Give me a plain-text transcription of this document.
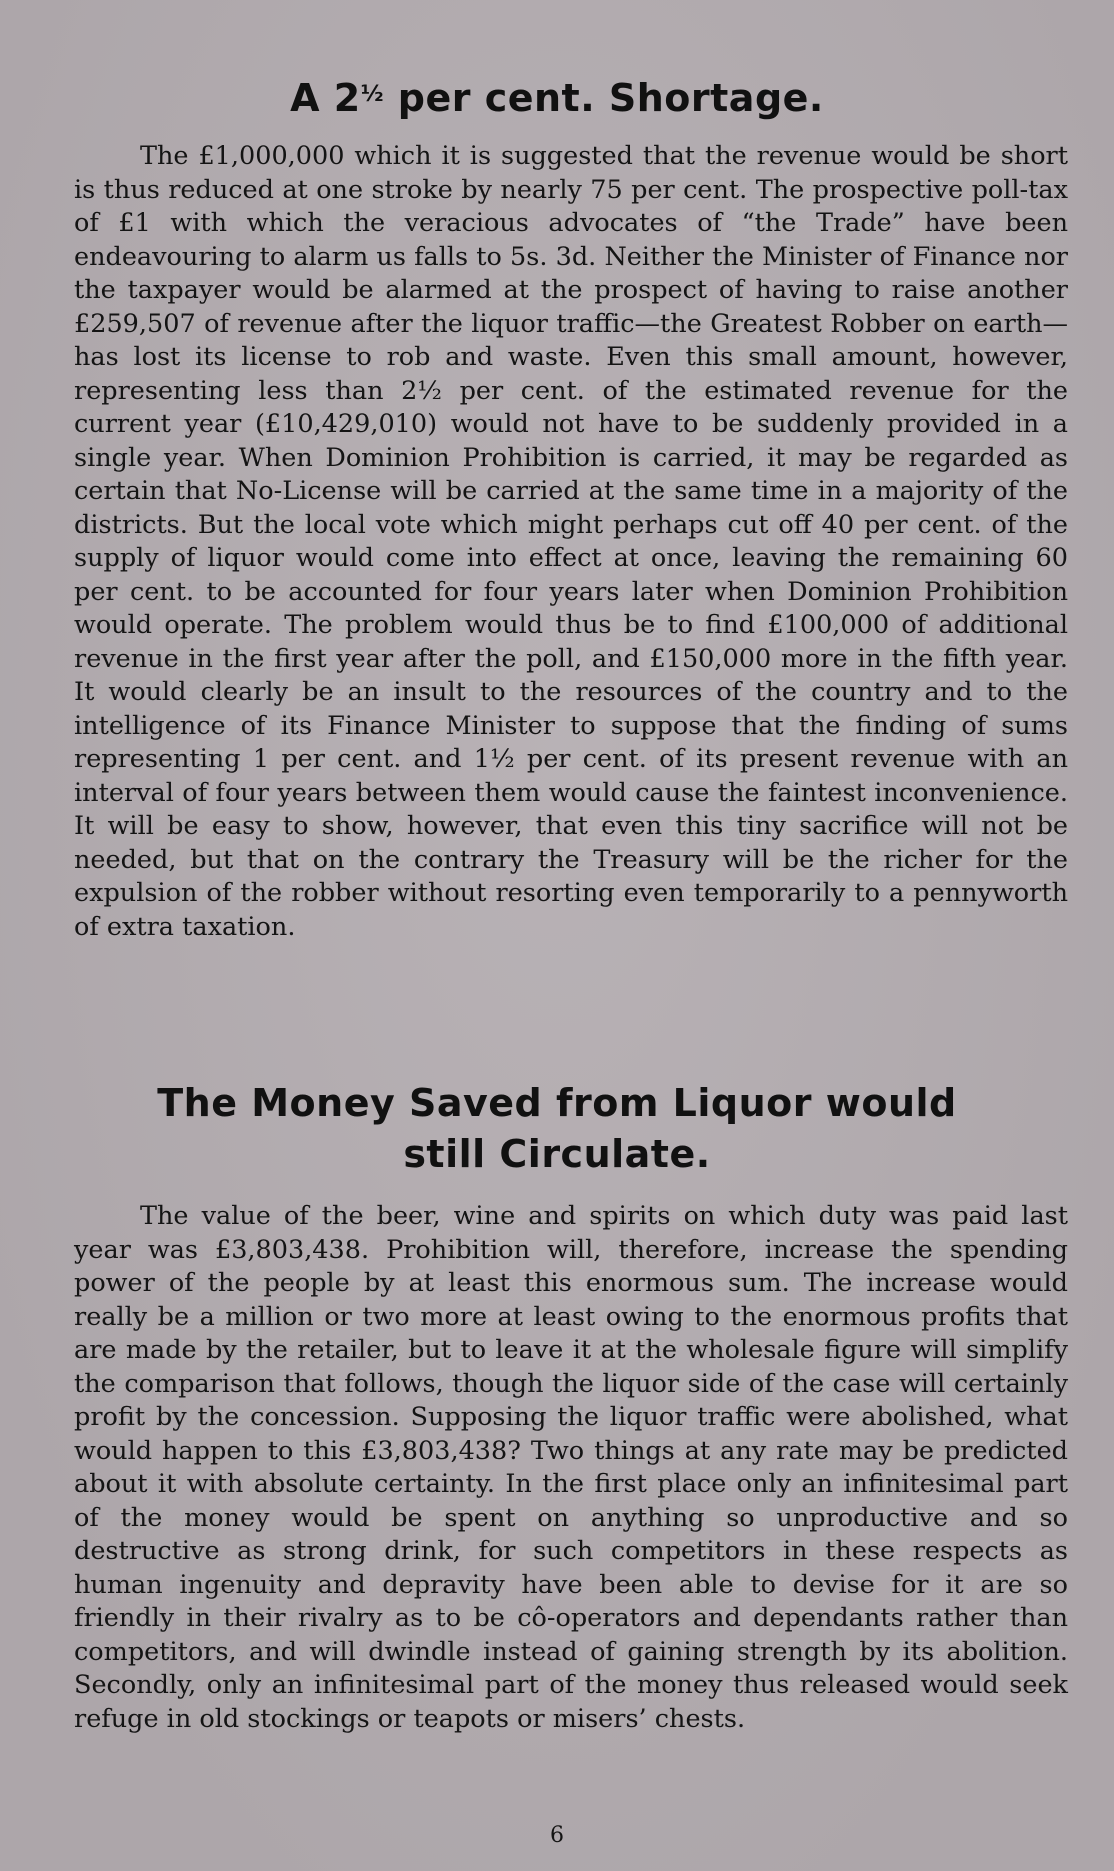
A $2^{\frac{1}{2}}$ per cent. Shortage.

The £1,000,000 which it is suggested that the revenue would be short is thus reduced at one stroke by nearly 75 per cent. The prospective poll-tax of £1 with which the veracious advocates of “the Trade” have been endeavouring to alarm us falls to 5s. 3d. Neither the Minister of Finance nor the taxpayer would be alarmed at the prospect of having to raise another £259,507 of revenue after the liquor traffic—the Greatest Robber on earth—has lost its license to rob and waste. Even this small amount, however, representing less than 2½ per cent. of the estimated revenue for the current year (£10,429,010) would not have to be suddenly provided in a single year. When Dominion Prohibition is carried, it may be regarded as certain that No-License will be carried at the same time in a majority of the districts. But the local vote which might perhaps cut off 40 per cent. of the supply of liquor would come into effect at once, leaving the remaining 60 per cent. to be accounted for four years later when Dominion Prohibition would operate. The problem would thus be to find £100,000 of additional revenue in the first year after the poll, and £150,000 more in the fifth year. It would clearly be an insult to the resources of the country and to the intelligence of its Finance Minister to suppose that the finding of sums representing 1 per cent. and 1½ per cent. of its present revenue with an interval of four years between them would cause the faintest inconvenience. It will be easy to show, however, that even this tiny sacrifice will not be needed, but that on the contrary the Treasury will be the richer for the expulsion of the robber without resorting even temporarily to a pennyworth of extra taxation.

The Money Saved from Liquor would still Circulate.

The value of the beer, wine and spirits on which duty was paid last year was £3,803,438. Prohibition will, therefore, increase the spending power of the people by at least this enormous sum. The increase would really be a million or two more at least owing to the enormous profits that are made by the retailer, but to leave it at the wholesale figure will simplify the comparison that follows, though the liquor side of the case will certainly profit by the concession. Supposing the liquor traffic were abolished, what would happen to this £3,803,438? Two things at any rate may be predicted about it with absolute certainty. In the first place only an infinitesimal part of the money would be spent on anything so unproductive and so destructive as strong drink, for such competitors in these respects as human ingenuity and depravity have been able to devise for it are so friendly in their rivalry as to be cô-operators and dependants rather than competitors, and will dwindle instead of gaining strength by its abolition. Secondly, only an infinitesimal part of the money thus released would seek refuge in old stockings or teapots or misers’ chests.

6
